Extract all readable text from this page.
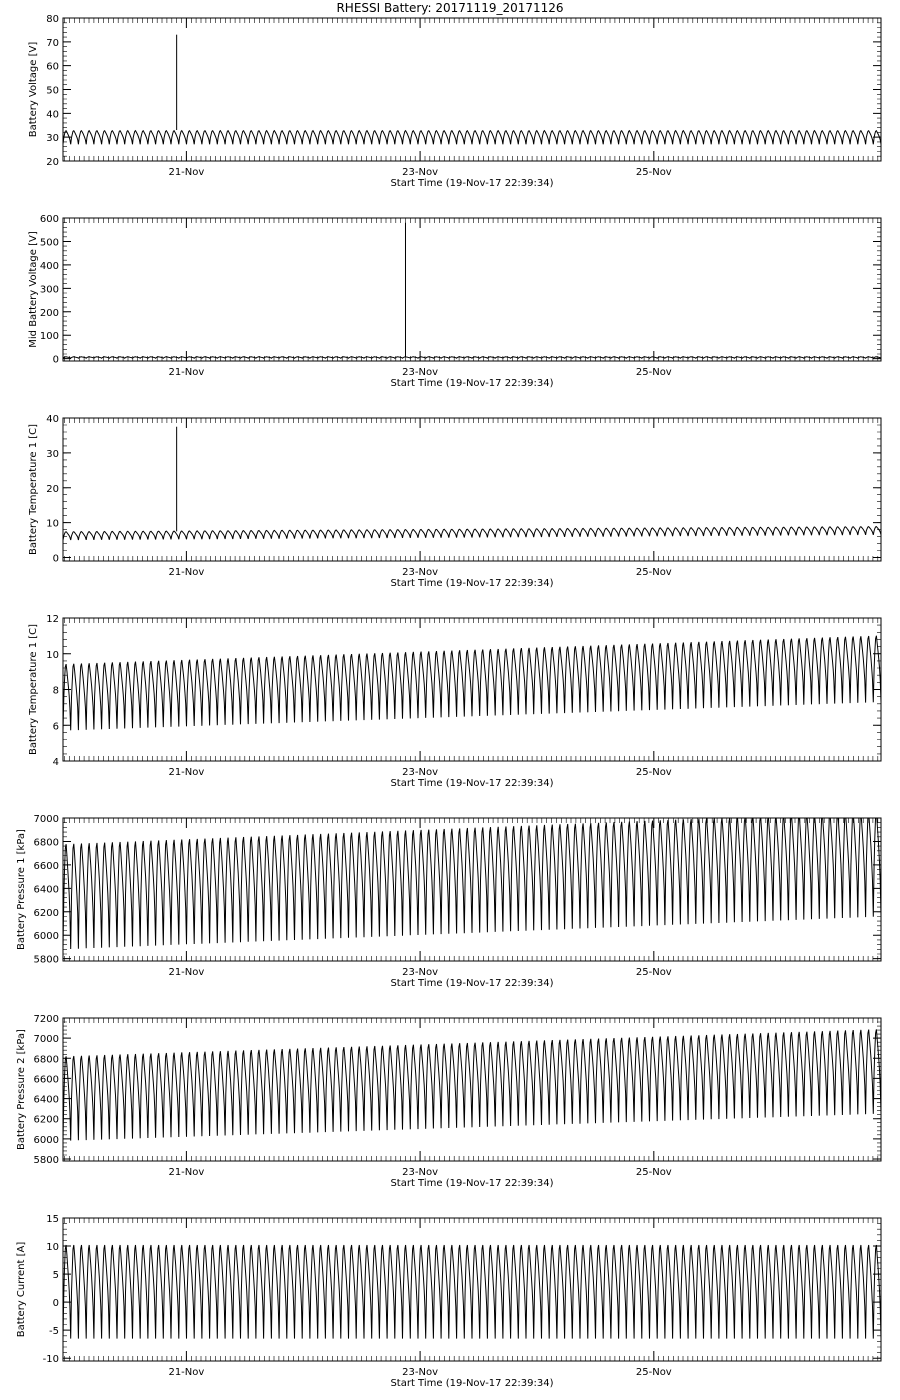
RHESSI Battery: 20171119_20171126
21-Nov	23-Nov	25-Nov
Start Time (19-Nov-17 22:39:34)
20
30
40
50
60
70
80
Battery Voltage [V]
21-Nov	23-Nov	25-Nov
Start Time (19-Nov-17 22:39:34)
0
100
200
300
400
500
600
Mid Battery Voltage [V]
21-Nov	23-Nov	25-Nov
Start Time (19-Nov-17 22:39:34)
0
10
20
30
40
Battery Temperature 1 [C]
21-Nov	23-Nov	25-Nov
Start Time (19-Nov-17 22:39:34)
4
6
8
10
12
Battery Temperature 1 [C]
21-Nov	23-Nov	25-Nov
Start Time (19-Nov-17 22:39:34)
5800
6000
6200
6400
6600
6800
7000
Battery Pressure 1 [kPa]
21-Nov	23-Nov	25-Nov
Start Time (19-Nov-17 22:39:34)
5800
6000
6200
6400
6600
6800
7000
7200
Battery Pressure 2 [kPa]
21-Nov	23-Nov	25-Nov
Start Time (19-Nov-17 22:39:34)
-10
-5
0
5
10
15
Battery Current [A]
